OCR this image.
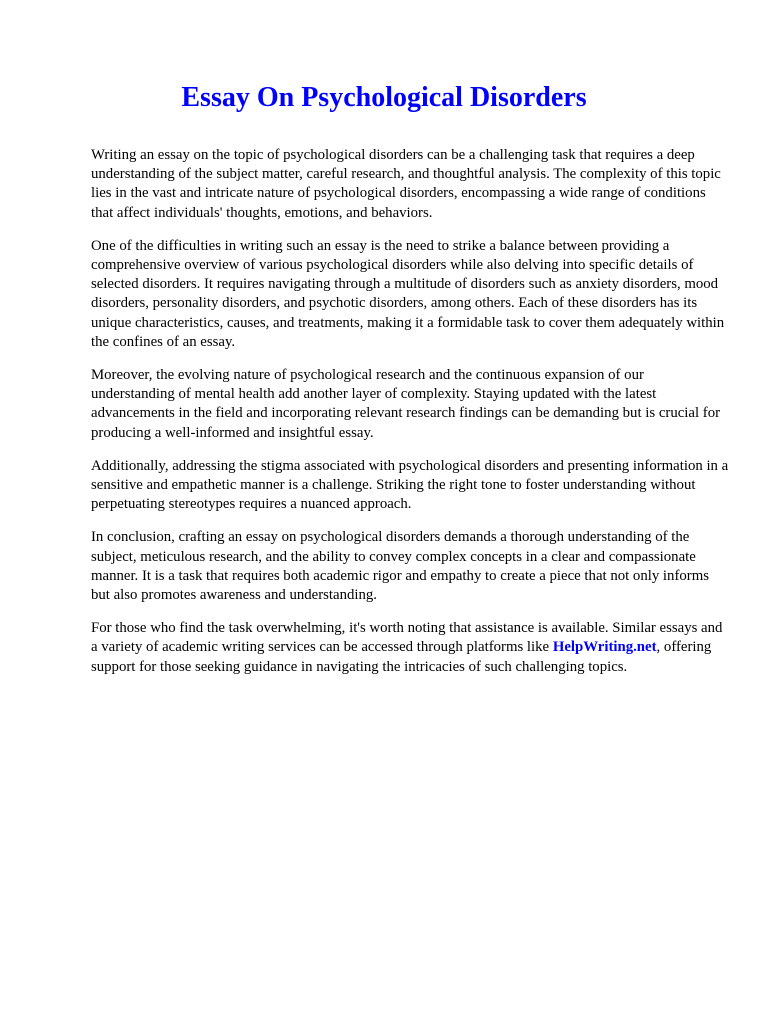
Essay On Psychological Disorders

Writing an essay on the topic of psychological disorders can be a challenging task that requires a deep understanding of the subject matter, careful research, and thoughtful analysis. The complexity of this topic lies in the vast and intricate nature of psychological disorders, encompassing a wide range of conditions that affect individuals' thoughts, emotions, and behaviors.

One of the difficulties in writing such an essay is the need to strike a balance between providing a comprehensive overview of various psychological disorders while also delving into specific details of selected disorders. It requires navigating through a multitude of disorders such as anxiety disorders, mood disorders, personality disorders, and psychotic disorders, among others. Each of these disorders has its unique characteristics, causes, and treatments, making it a formidable task to cover them adequately within the confines of an essay.

Moreover, the evolving nature of psychological research and the continuous expansion of our understanding of mental health add another layer of complexity. Staying updated with the latest advancements in the field and incorporating relevant research findings can be demanding but is crucial for producing a well-informed and insightful essay.

Additionally, addressing the stigma associated with psychological disorders and presenting information in a sensitive and empathetic manner is a challenge. Striking the right tone to foster understanding without perpetuating stereotypes requires a nuanced approach.

In conclusion, crafting an essay on psychological disorders demands a thorough understanding of the subject, meticulous research, and the ability to convey complex concepts in a clear and compassionate manner. It is a task that requires both academic rigor and empathy to create a piece that not only informs but also promotes awareness and understanding.

For those who find the task overwhelming, it's worth noting that assistance is available. Similar essays and a variety of academic writing services can be accessed through platforms like HelpWriting.net, offering support for those seeking guidance in navigating the intricacies of such challenging topics.
